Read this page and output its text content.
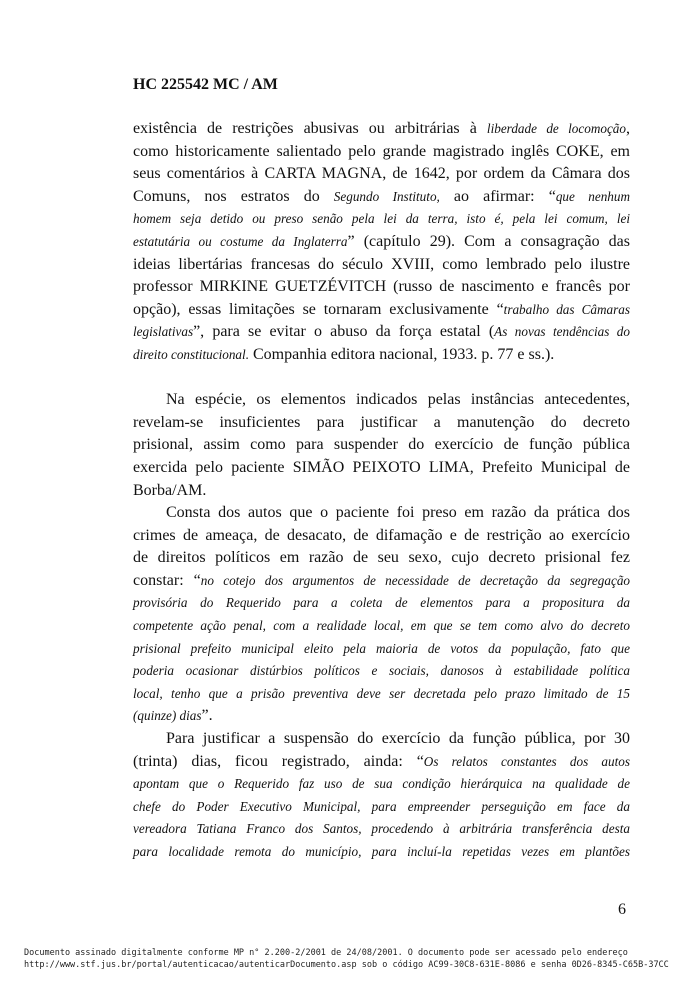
HC 225542 MC / AM
existência de restrições abusivas ou arbitrárias à liberdade de locomoção,
como historicamente salientado pelo grande magistrado inglês COKE, em
seus comentários à CARTA MAGNA, de 1642, por ordem da Câmara dos
Comuns, nos estratos do Segundo Instituto, ao afirmar: “que nenhum
homem seja detido ou preso senão pela lei da terra, isto é, pela lei comum, lei
estatutária ou costume da Inglaterra” (capítulo 29). Com a consagração das
ideias libertárias francesas do século XVIII, como lembrado pelo ilustre
professor MIRKINE GUETZÉVITCH (russo de nascimento e francês por
opção), essas limitações se tornaram exclusivamente “trabalho das Câmaras
legislativas”, para se evitar o abuso da força estatal (As novas tendências do
direito constitucional. Companhia editora nacional, 1933. p. 77 e ss.).
Na espécie, os elementos indicados pelas instâncias antecedentes,
revelam-se insuficientes para justificar a manutenção do decreto
prisional, assim como para suspender do exercício de função pública
exercida pelo paciente SIMÃO PEIXOTO LIMA, Prefeito Municipal de
Borba/AM.
Consta dos autos que o paciente foi preso em razão da prática dos
crimes de ameaça, de desacato, de difamação e de restrição ao exercício
de direitos políticos em razão de seu sexo, cujo decreto prisional fez
constar: “no cotejo dos argumentos de necessidade de decretação da segregação
provisória do Requerido para a coleta de elementos para a propositura da
competente ação penal, com a realidade local, em que se tem como alvo do decreto
prisional prefeito municipal eleito pela maioria de votos da população, fato que
poderia ocasionar distúrbios políticos e sociais, danosos à estabilidade política
local, tenho que a prisão preventiva deve ser decretada pelo prazo limitado de 15
(quinze) dias”.
Para justificar a suspensão do exercício da função pública, por 30
(trinta) dias, ficou registrado, ainda: “Os relatos constantes dos autos
apontam que o Requerido faz uso de sua condição hierárquica na qualidade de
chefe do Poder Executivo Municipal, para empreender perseguição em face da
vereadora Tatiana Franco dos Santos, procedendo à arbitrária transferência desta
para localidade remota do município, para incluí-la repetidas vezes em plantões
6
Documento assinado digitalmente conforme MP n° 2.200-2/2001 de 24/08/2001. O documento pode ser acessado pelo endereço
http://www.stf.jus.br/portal/autenticacao/autenticarDocumento.asp sob o código AC99-30C8-631E-8086 e senha 0D26-8345-C65B-37CC
